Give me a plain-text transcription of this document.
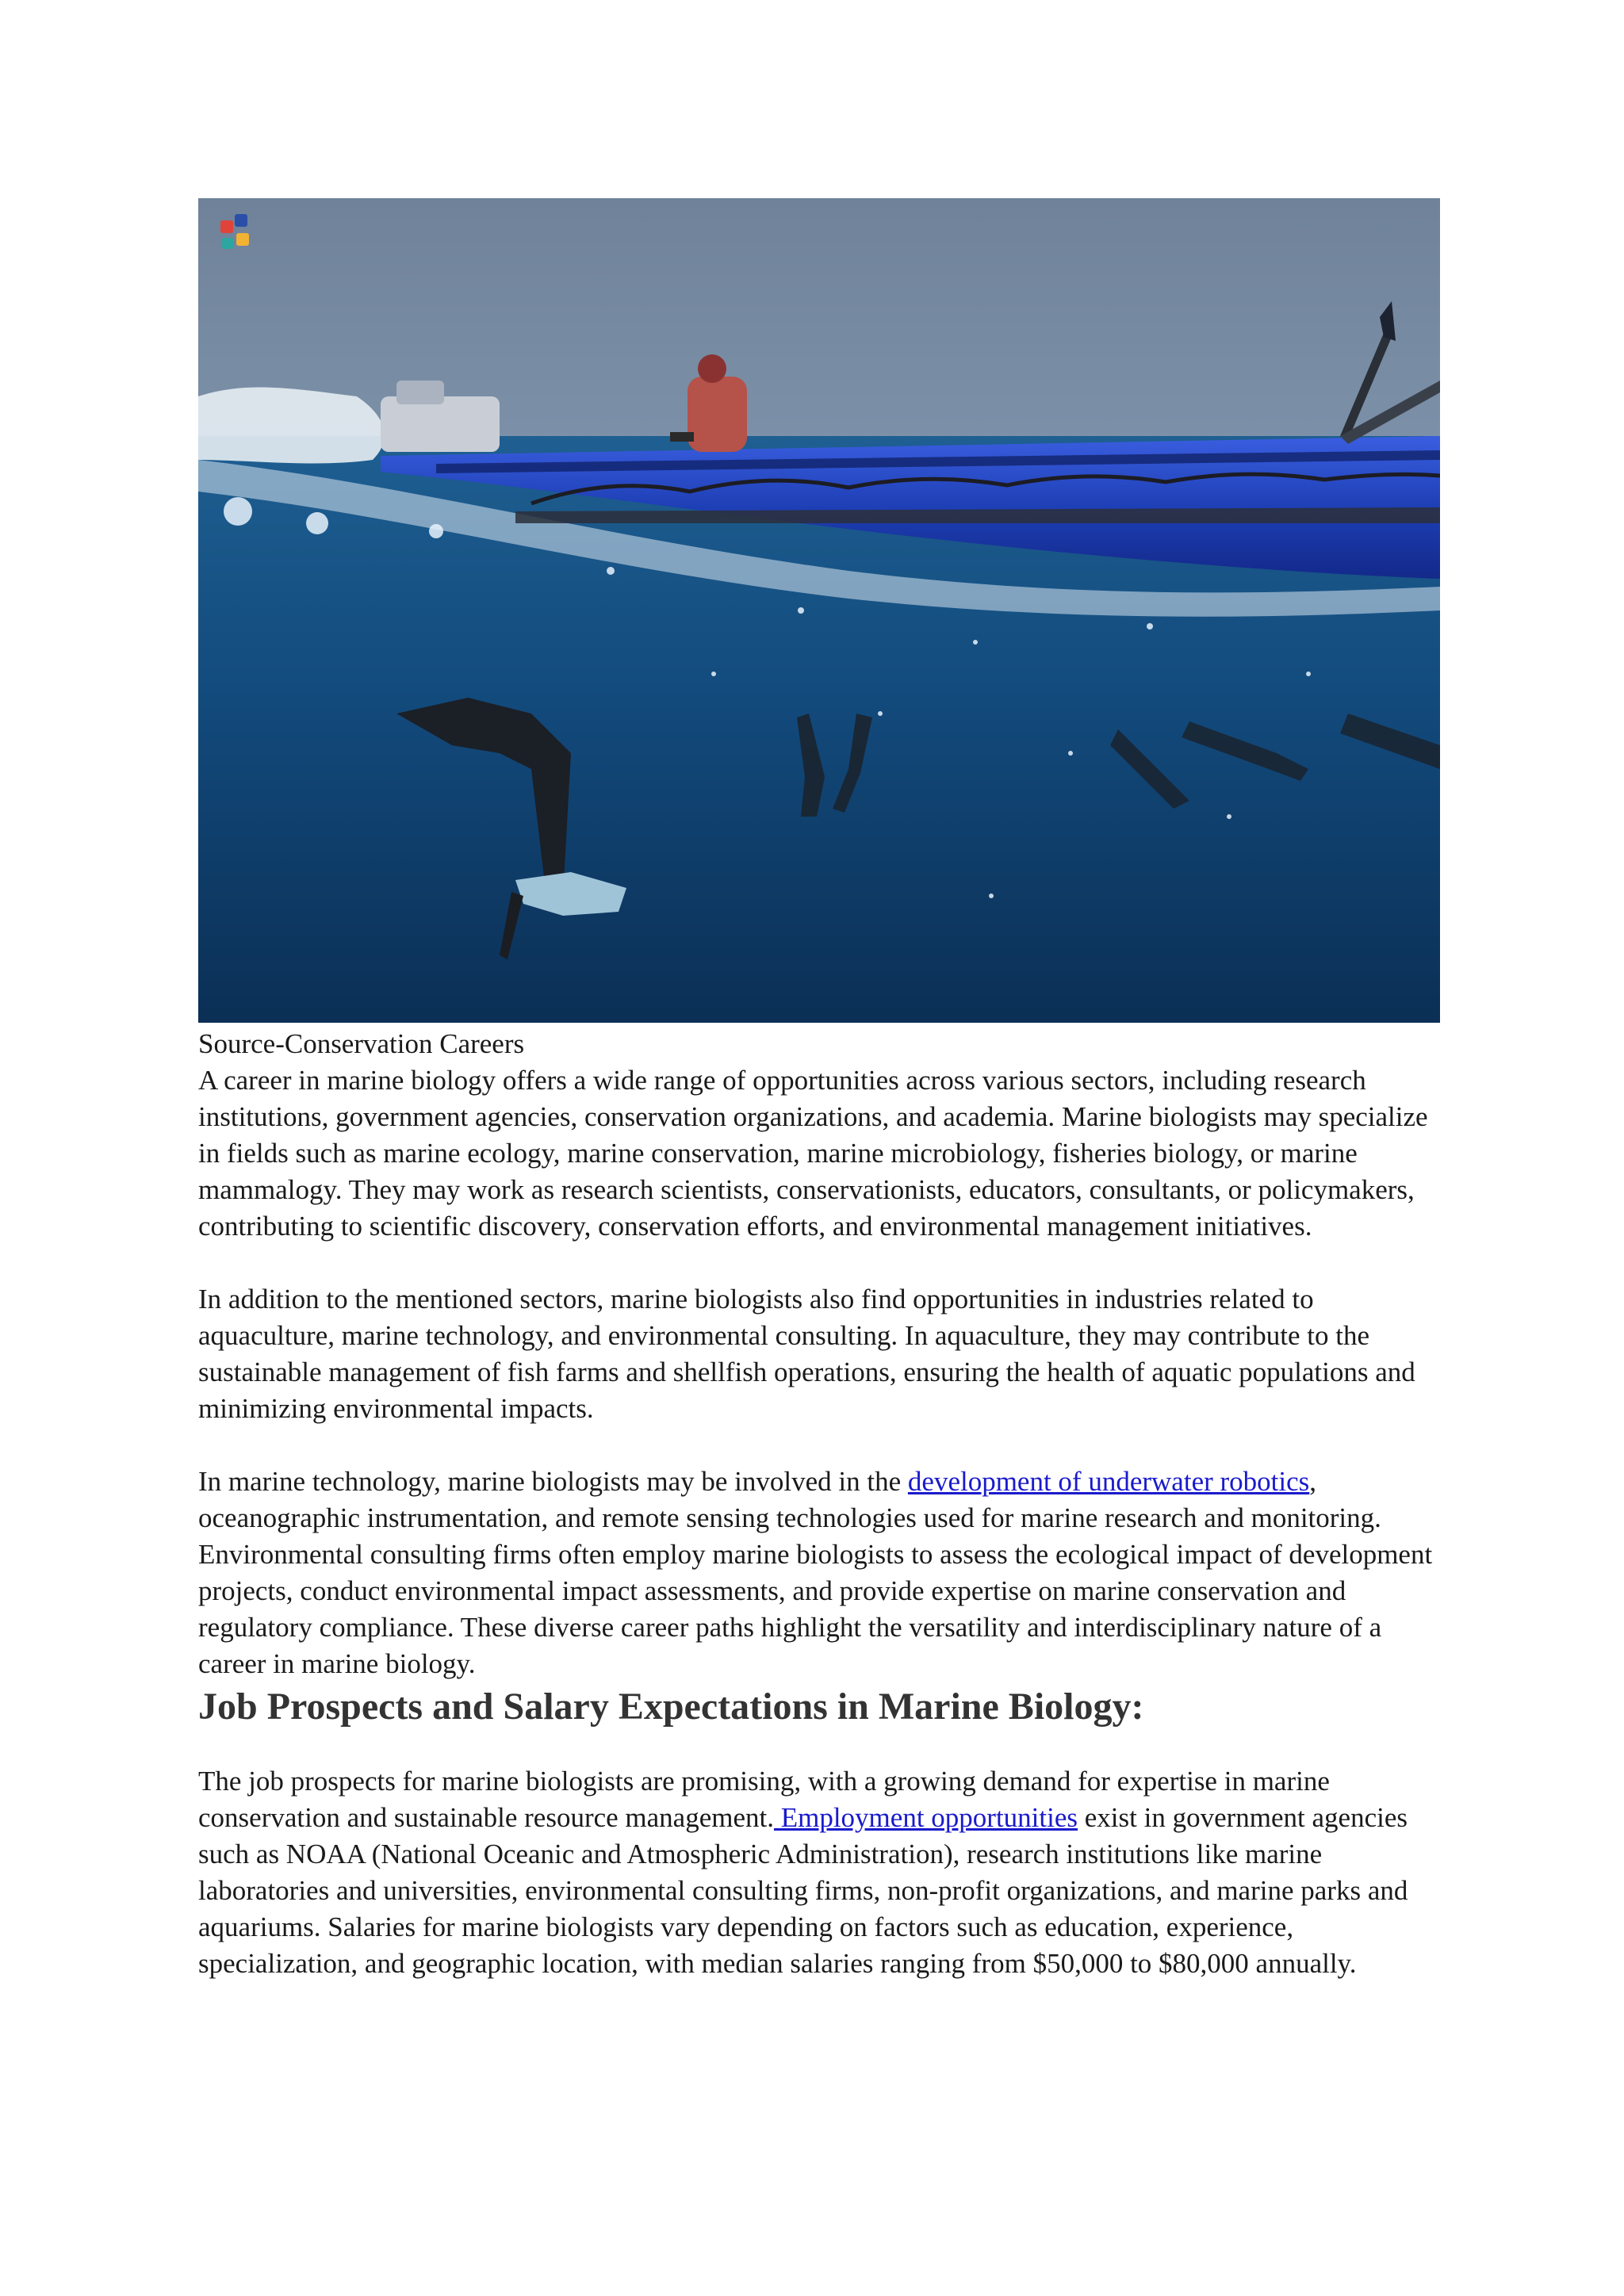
Source-Conservation Careers

A career in marine biology offers a wide range of opportunities across various sectors, including research institutions, government agencies, conservation organizations, and academia. Marine biologists may specialize in fields such as marine ecology, marine conservation, marine microbiology, fisheries biology, or marine mammalogy. They may work as research scientists, conservationists, educators, consultants, or policymakers, contributing to scientific discovery, conservation efforts, and environmental management initiatives.

In addition to the mentioned sectors, marine biologists also find opportunities in industries related to aquaculture, marine technology, and environmental consulting. In aquaculture, they may contribute to the sustainable management of fish farms and shellfish operations, ensuring the health of aquatic populations and minimizing environmental impacts.

In marine technology, marine biologists may be involved in the development of underwater robotics, oceanographic instrumentation, and remote sensing technologies used for marine research and monitoring. Environmental consulting firms often employ marine biologists to assess the ecological impact of development projects, conduct environmental impact assessments, and provide expertise on marine conservation and regulatory compliance. These diverse career paths highlight the versatility and interdisciplinary nature of a career in marine biology.

Job Prospects and Salary Expectations in Marine Biology:

The job prospects for marine biologists are promising, with a growing demand for expertise in marine conservation and sustainable resource management. Employment opportunities exist in government agencies such as NOAA (National Oceanic and Atmospheric Administration), research institutions like marine laboratories and universities, environmental consulting firms, non-profit organizations, and marine parks and aquariums. Salaries for marine biologists vary depending on factors such as education, experience, specialization, and geographic location, with median salaries ranging from $50,000 to $80,000 annually.
